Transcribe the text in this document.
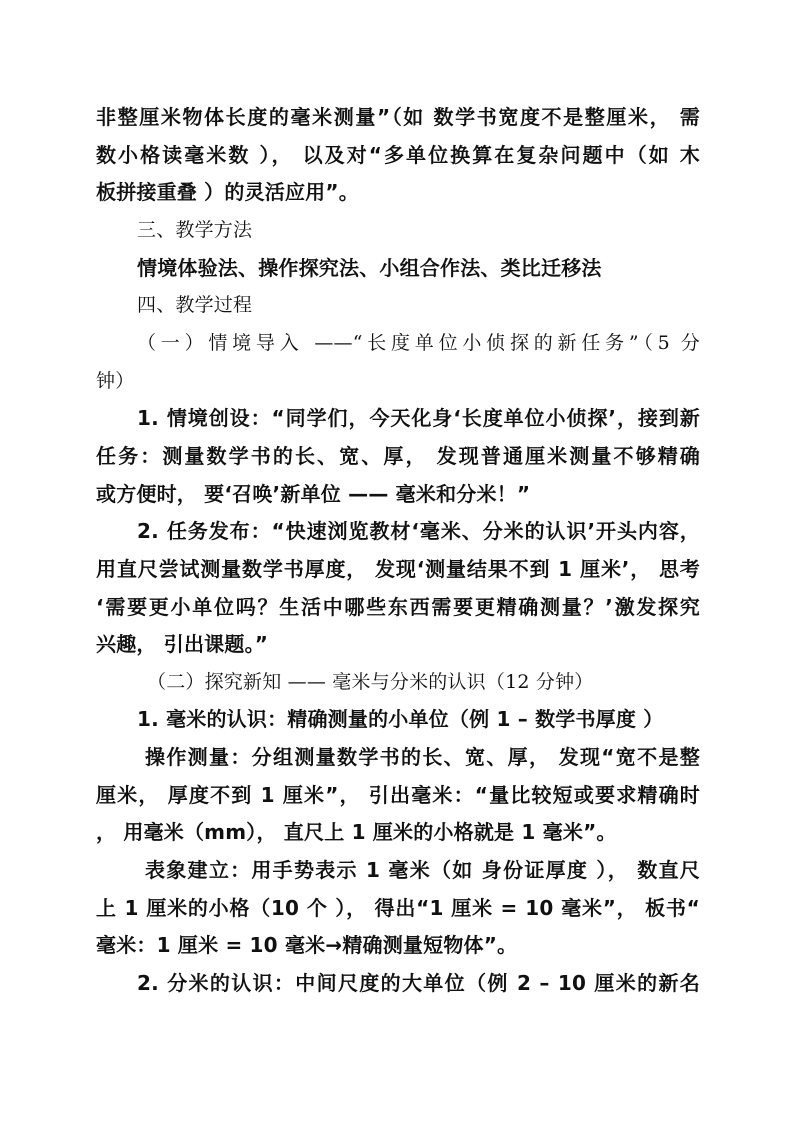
非整厘米物体长度的毫米测量”（如 数学书宽度不是整厘米， 需
数小格读毫米数 ）， 以及对“多单位换算在复杂问题中（如 木
板拼接重叠 ）的灵活应用”。
三、教学方法
情境体验法、操作探究法、小组合作法、类比迁移法
四、教学过程
（一）情境导入 ——“长度单位小侦探的新任务”（5 分
钟）
1. 情境创设：“同学们，今天化身‘长度单位小侦探’，接到新
任务：测量数学书的长、宽、厚， 发现普通厘米测量不够精确
或方便时， 要‘召唤’新单位 —— 毫米和分米！”
2. 任务发布：“快速浏览教材‘毫米、分米的认识’开头内容，
用直尺尝试测量数学书厚度， 发现‘测量结果不到 1 厘米’， 思考
‘需要更小单位吗？生活中哪些东西需要更精确测量？’激发探究
兴趣， 引出课题。”
（二）探究新知 —— 毫米与分米的认识（12 分钟）
1. 毫米的认识：精确测量的小单位（例 1 – 数学书厚度 ）
操作测量：分组测量数学书的长、宽、厚， 发现“宽不是整
厘米， 厚度不到 1 厘米”， 引出毫米：“量比较短或要求精确时
， 用毫米（mm）， 直尺上 1 厘米的小格就是 1 毫米”。
表象建立：用手势表示 1 毫米（如 身份证厚度 ）， 数直尺
上 1 厘米的小格（10 个 ）， 得出“1 厘米 = 10 毫米”， 板书“
毫米：1 厘米 = 10 毫米→精确测量短物体”。
2. 分米的认识：中间尺度的大单位（例 2 – 10 厘米的新名
